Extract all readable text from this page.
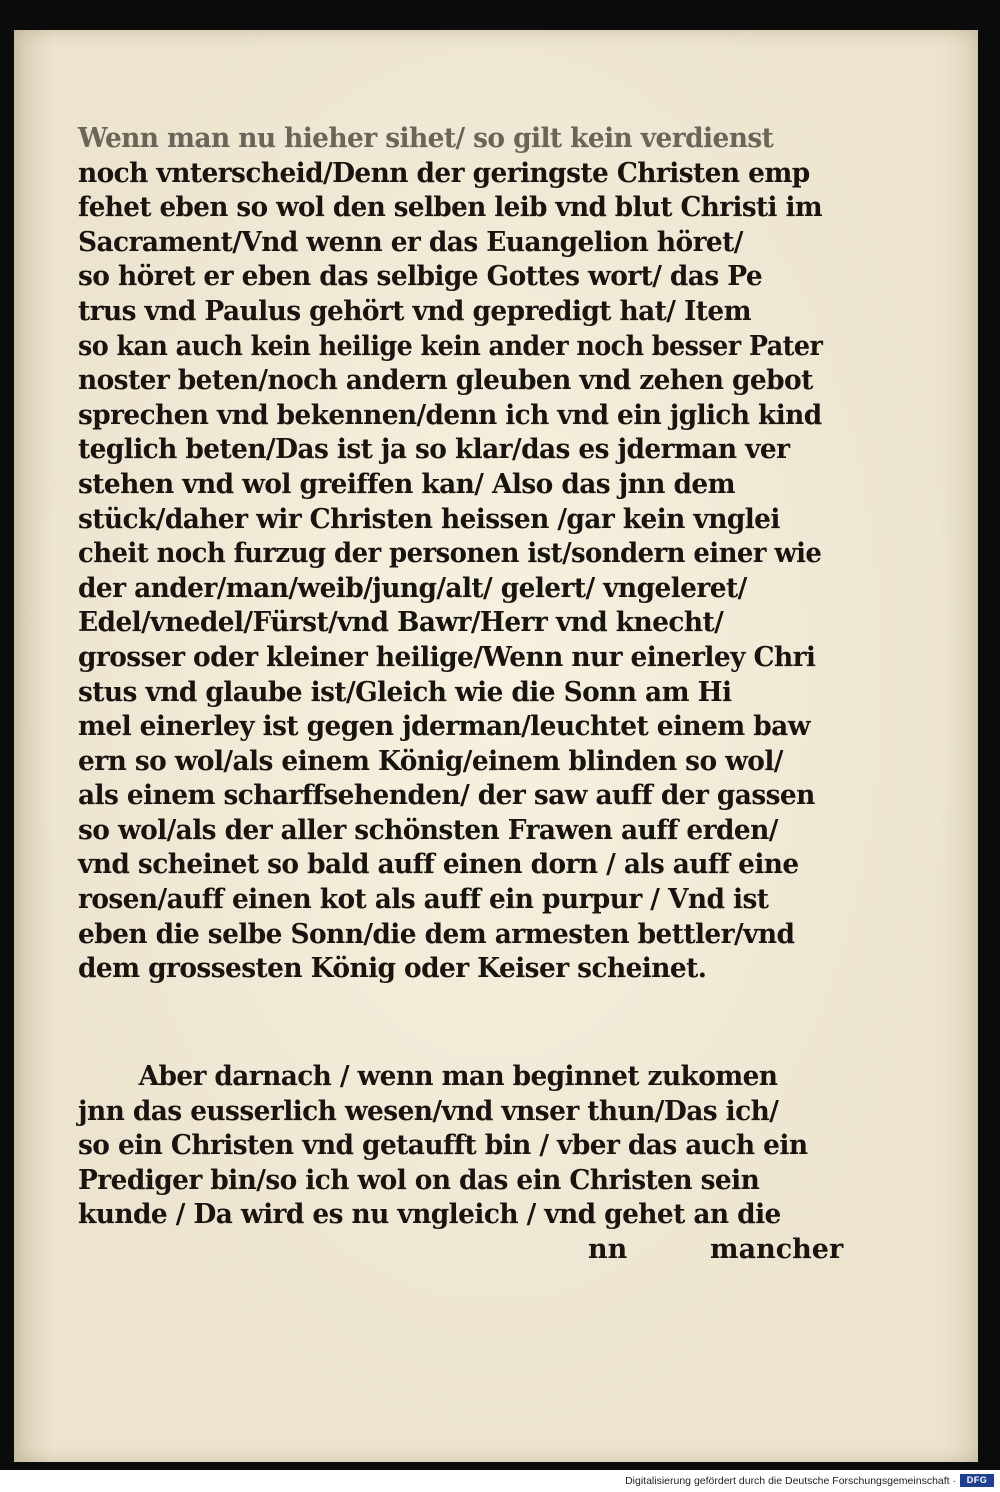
Wenn man nu hieher sihet/ so gilt kein verdienst
noch vnterscheid/Denn der geringste Christen emp
fehet eben so wol den selben leib vnd blut Christi im
Sacrament/Vnd wenn er das Euangelion höret/
so höret er eben das selbige Gottes wort/ das Pe
trus vnd Paulus gehört vnd gepredigt hat/ Item
so kan auch kein heilige kein ander noch besser Pater
noster beten/noch andern gleuben vnd zehen gebot
sprechen vnd bekennen/denn ich vnd ein jglich kind
teglich beten/Das ist ja so klar/das es jderman ver
stehen vnd wol greiffen kan/ Also das jnn dem
stück/daher wir Christen heissen /gar kein vnglei
cheit noch furzug der personen ist/sondern einer wie
der ander/man/weib/jung/alt/ gelert/ vngeleret/
Edel/vnedel/Fürst/vnd Bawr/Herr vnd knecht/
grosser oder kleiner heilige/Wenn nur einerley Chri
stus vnd glaube ist/Gleich wie die Sonn am Hi
mel einerley ist gegen jderman/leuchtet einem baw
ern so wol/als einem König/einem blinden so wol/
als einem scharffsehenden/ der saw auff der gassen
so wol/als der aller schönsten Frawen auff erden/
vnd scheinet so bald auff einen dorn / als auff eine
rosen/auff einen kot als auff ein purpur / Vnd ist
eben die selbe Sonn/die dem armesten bettler/vnd
dem grossesten König oder Keiser scheinet.
Aber darnach / wenn man beginnet zukomen
jnn das eusserlich wesen/vnd vnser thun/Das ich/
so ein Christen vnd getaufft bin / vber das auch ein
Prediger bin/so ich wol on das ein Christen sein
kunde / Da wird es nu vngleich / vnd gehet an die
nn	mancher
Digitalisierung gefördert durch die Deutsche Forschungsgemeinschaft ·	DFG
